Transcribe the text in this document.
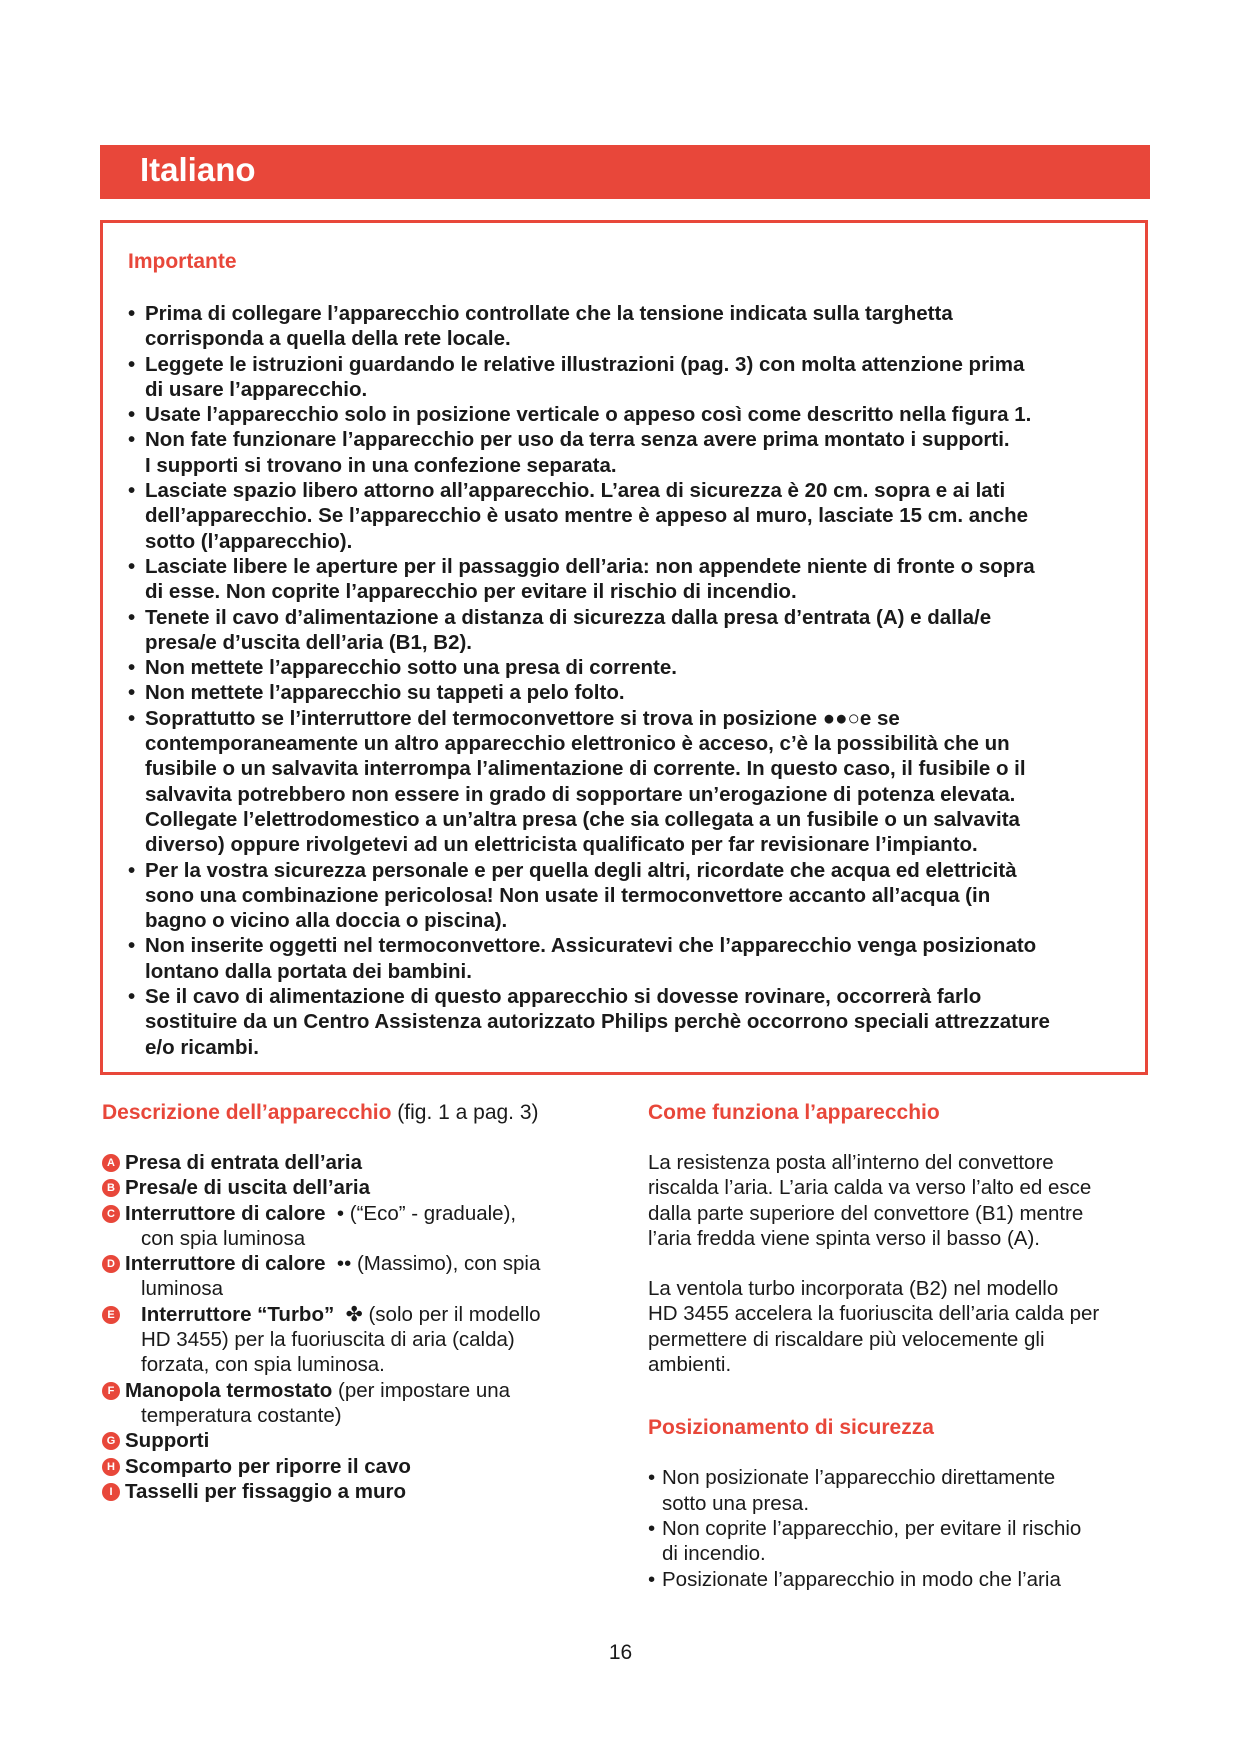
Italiano
Importante
• Prima di collegare l’apparecchio controllate che la tensione indicata sulla targhetta
corrisponda a quella della rete locale.
• Leggete le istruzioni guardando le relative illustrazioni (pag. 3) con molta attenzione prima
di usare l’apparecchio.
• Usate l’apparecchio solo in posizione verticale o appeso così come descritto nella figura 1.
• Non fate funzionare l’apparecchio per uso da terra senza avere prima montato i supporti.
I supporti si trovano in una confezione separata.
• Lasciate spazio libero attorno all’apparecchio. L’area di sicurezza è 20 cm. sopra e ai lati
dell’apparecchio. Se l’apparecchio è usato mentre è appeso al muro, lasciate 15 cm. anche
sotto (l’apparecchio).
• Lasciate libere le aperture per il passaggio dell’aria: non appendete niente di fronte o sopra
di esse. Non coprite l’apparecchio per evitare il rischio di incendio.
• Tenete il cavo d’alimentazione a distanza di sicurezza dalla presa d’entrata (A) e dalla/e
presa/e d’uscita dell’aria (B1, B2).
• Non mettete l’apparecchio sotto una presa di corrente.
• Non mettete l’apparecchio su tappeti a pelo folto.
• Soprattutto se l’interruttore del termoconvettore si trova in posizione ●●○e se
contemporaneamente un altro apparecchio elettronico è acceso, c’è la possibilità che un
fusibile o un salvavita interrompa l’alimentazione di corrente. In questo caso, il fusibile o il
salvavita potrebbero non essere in grado di sopportare un’erogazione di potenza elevata.
Collegate l’elettrodomestico a un’altra presa (che sia collegata a un fusibile o un salvavita
diverso) oppure rivolgetevi ad un elettricista qualificato per far revisionare l’impianto.
• Per la vostra sicurezza personale e per quella degli altri, ricordate che acqua ed elettricità
sono una combinazione pericolosa! Non usate il termoconvettore accanto all’acqua (in
bagno o vicino alla doccia o piscina).
• Non inserite oggetti nel termoconvettore. Assicuratevi che l’apparecchio venga posizionato
lontano dalla portata dei bambini.
• Se il cavo di alimentazione di questo apparecchio si dovesse rovinare, occorrerà farlo
sostituire da un Centro Assistenza autorizzato Philips perchè occorrono speciali attrezzature
e/o ricambi.
Descrizione dell’apparecchio (fig. 1 a pag. 3)
A Presa di entrata dell’aria
B Presa/e di uscita dell’aria
C Interruttore di calore  • (“Eco” - graduale),
con spia luminosa
D Interruttore di calore  •• (Massimo), con spia
luminosa
E Interruttore “Turbo”  ✤ (solo per il modello
HD 3455) per la fuoriuscita di aria (calda)
forzata, con spia luminosa.
F Manopola termostato (per impostare una
temperatura costante)
G Supporti
H Scomparto per riporre il cavo
I Tasselli per fissaggio a muro
Come funziona l’apparecchio

La resistenza posta all’interno del convettore
riscalda l’aria. L’aria calda va verso l’alto ed esce
dalla parte superiore del convettore (B1) mentre
l’aria fredda viene spinta verso il basso (A).

La ventola turbo incorporata (B2) nel modello
HD 3455 accelera la fuoriuscita dell’aria calda per
permettere di riscaldare più velocemente gli
ambienti.

Posizionamento di sicurezza
• Non posizionate l’apparecchio direttamente
sotto una presa.
• Non coprite l’apparecchio, per evitare il rischio
di incendio.
• Posizionate l’apparecchio in modo che l’aria
16
